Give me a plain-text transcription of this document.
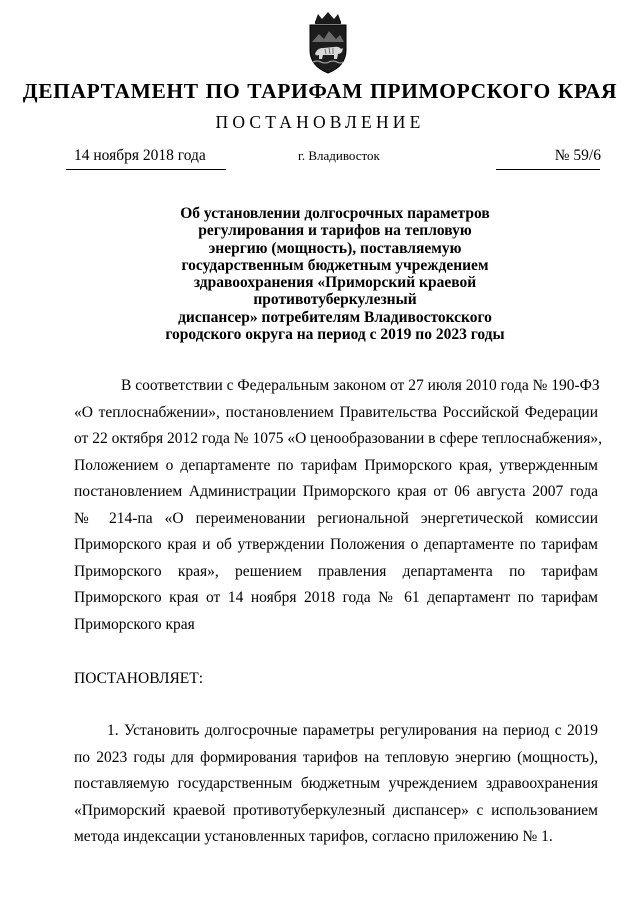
ДЕПАРТАМЕНТ ПО ТАРИФАМ ПРИМОРСКОГО КРАЯ
ПОСТАНОВЛЕНИЕ
14 ноября 2018 года	г. Владивосток	№ 59/6
Об установлении долгосрочных параметров
регулирования и тарифов на тепловую
энергию (мощность), поставляемую
государственным бюджетным учреждением
здравоохранения «Приморский краевой
противотуберкулезный
диспансер» потребителям Владивостокского
городского округа на период с 2019 по 2023 годы
В соответствии с Федеральным законом от 27 июля 2010 года № 190-ФЗ
«О теплоснабжении», постановлением Правительства Российской Федерации
от 22 октября 2012 года № 1075 «О ценообразовании в сфере теплоснабжения»,
Положением о департаменте по тарифам Приморского края, утвержденным
постановлением Администрации Приморского края от 06 августа 2007 года
№ 214-па «О переименовании региональной энергетической комиссии
Приморского края и об утверждении Положения о департаменте по тарифам
Приморского края», решением правления департамента по тарифам
Приморского края от 14 ноября 2018 года № 61 департамент по тарифам
Приморского края
ПОСТАНОВЛЯЕТ:
1. Установить долгосрочные параметры регулирования на период с 2019
по 2023 годы для формирования тарифов на тепловую энергию (мощность),
поставляемую государственным бюджетным учреждением здравоохранения
«Приморский краевой противотуберкулезный диспансер» с использованием
метода индексации установленных тарифов, согласно приложению № 1.
